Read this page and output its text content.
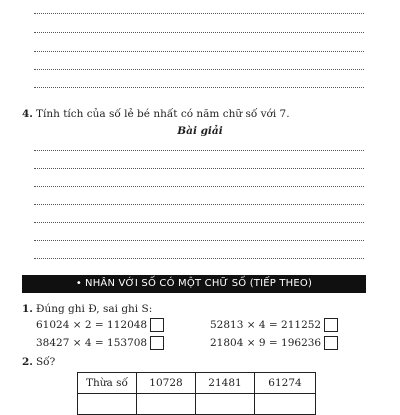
4. Tính tích của số lẻ bé nhất có năm chữ số với 7.
Bài giải
• NHÂN VỚI SỐ CÓ MỘT CHỮ SỐ (TIẾP THEO)
1. Đúng ghi Đ, sai ghi S:
61024 × 2 = 112048	52813 × 4 = 211252
38427 × 4 = 153708	21804 × 9 = 196236
2. Số?
Thừa số	10728	21481	61274
